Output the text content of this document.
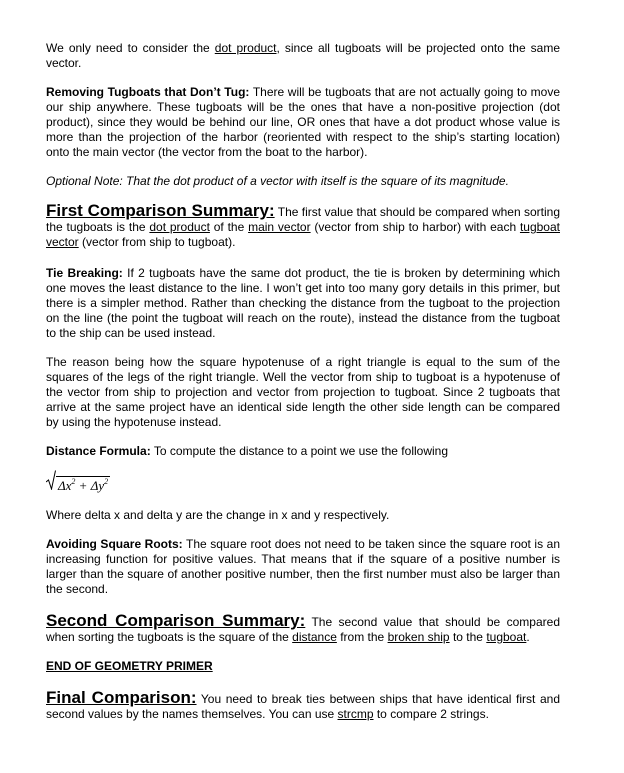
We only need to consider the dot product, since all tugboats will be projected onto the same vector.

Removing Tugboats that Don’t Tug: There will be tugboats that are not actually going to move our ship anywhere. These tugboats will be the ones that have a non-positive projection (dot product), since they would be behind our line, OR ones that have a dot product whose value is more than the projection of the harbor (reoriented with respect to the ship’s starting location) onto the main vector (the vector from the boat to the harbor).

Optional Note: That the dot product of a vector with itself is the square of its magnitude.

First Comparison Summary: The first value that should be compared when sorting the tugboats is the dot product of the main vector (vector from ship to harbor) with each tugboat vector (vector from ship to tugboat).

Tie Breaking: If 2 tugboats have the same dot product, the tie is broken by determining which one moves the least distance to the line. I won’t get into too many gory details in this primer, but there is a simpler method. Rather than checking the distance from the tugboat to the projection on the line (the point the tugboat will reach on the route), instead the distance from the tugboat to the ship can be used instead.

The reason being how the square hypotenuse of a right triangle is equal to the sum of the squares of the legs of the right triangle. Well the vector from ship to tugboat is a hypotenuse of the vector from ship to projection and vector from projection to tugboat. Since 2 tugboats that arrive at the same project have an identical side length the other side length can be compared by using the hypotenuse instead.

Distance Formula: To compute the distance to a point we use the following

$\Delta x^2 + \Delta y^2$

Where delta x and delta y are the change in x and y respectively.

Avoiding Square Roots: The square root does not need to be taken since the square root is an increasing function for positive values. That means that if the square of a positive number is larger than the square of another positive number, then the first number must also be larger than the second.

Second Comparison Summary: The second value that should be compared when sorting the tugboats is the square of the distance from the broken ship to the tugboat.

END OF GEOMETRY PRIMER

Final Comparison: You need to break ties between ships that have identical first and second values by the names themselves. You can use strcmp to compare 2 strings.
